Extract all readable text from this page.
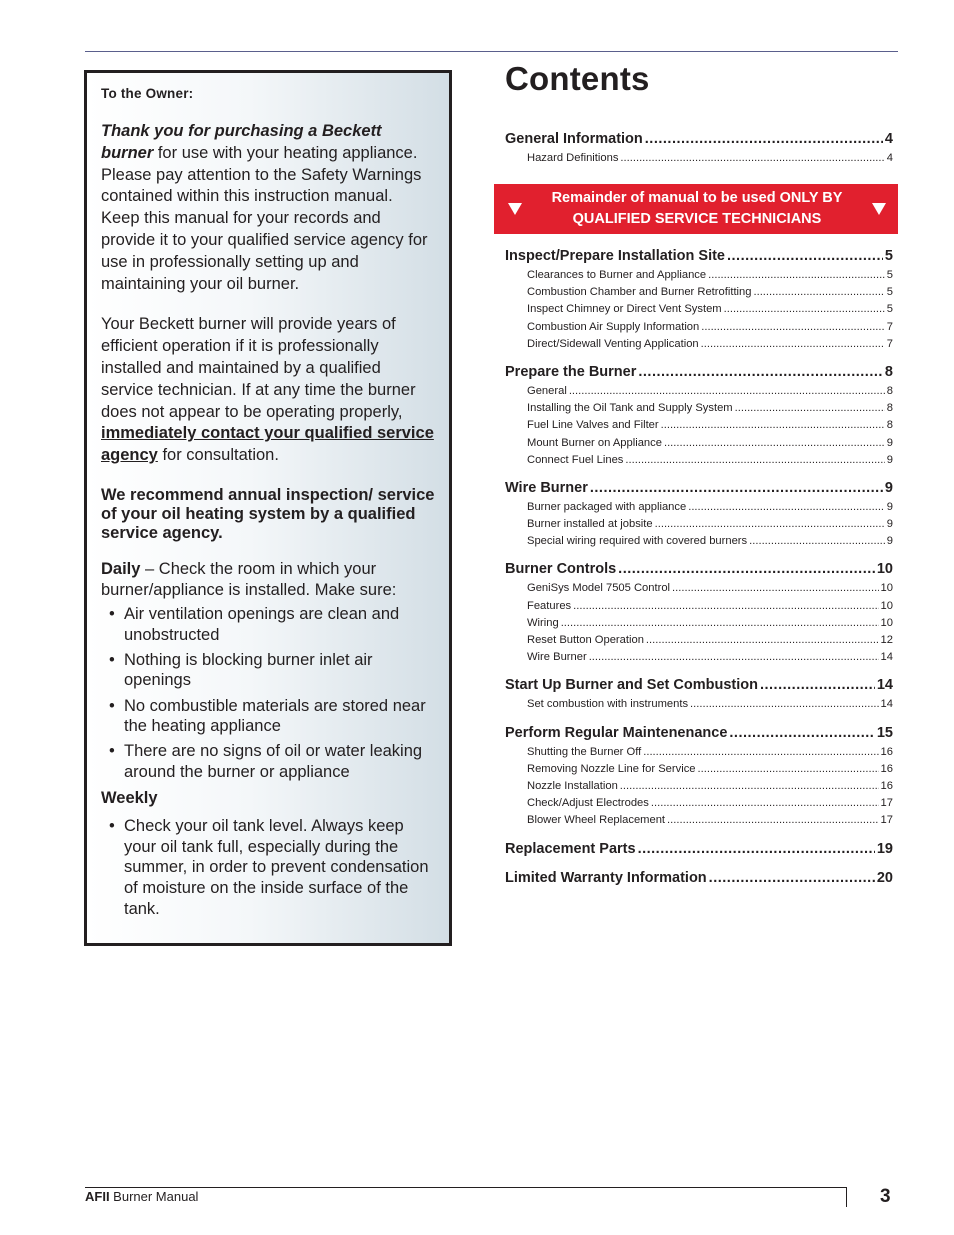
To the Owner:

Thank you for purchasing a Beckett burner for use with your heating appliance. Please pay attention to the Safety Warnings contained within this instruction manual. Keep this manual for your records and provide it to your qualified service agency for use in professionally setting up and maintaining your oil burner.

Your Beckett burner will provide years of efficient operation if it is professionally installed and maintained by a qualified service technician. If at any time the burner does not appear to be operating properly, immediately contact your qualified service agency for consultation.

We recommend annual inspection/ service of your oil heating system by a qualified service agency.

Daily – Check the room in which your burner/appliance is installed. Make sure:

• Air ventilation openings are clean and unobstructed
• Nothing is blocking burner inlet air openings
• No combustible materials are stored near the heating appliance
• There are no signs of oil or water leaking around the burner or appliance
Weekly
• Check your oil tank level. Always keep your oil tank full, especially during the summer, in order to prevent condensation of moisture on the inside surface of the tank.
Contents
General Information .....	4
Hazard Definitions .....	4
Remainder of manual to be used ONLY BY
QUALIFIED SERVICE TECHNICIANS
Inspect/Prepare Installation Site .....	5
Clearances to Burner and Appliance .....	5
Combustion Chamber and Burner Retrofitting .....	5
Inspect Chimney or Direct Vent System .....	5
Combustion Air Supply Information .....	7
Direct/Sidewall Venting Application .....	7
Prepare the Burner .....	8
General .....	8
Installing the Oil Tank and Supply System .....	8
Fuel Line Valves and Filter .....	8
Mount Burner on Appliance .....	9
Connect Fuel Lines .....	9
Wire Burner .....	9
Burner packaged with appliance .....	9
Burner installed at jobsite .....	9
Special wiring required with covered burners .....	9
Burner Controls .....	10
GeniSys Model 7505 Control .....	10
Features .....	10
Wiring .....	10
Reset Button Operation .....	12
Wire Burner .....	14
Start Up Burner and Set Combustion .....	14
Set combustion with instruments .....	14
Perform Regular Maintenenance .....	15
Shutting the Burner Off .....	16
Removing Nozzle Line for Service .....	16
Nozzle Installation .....	16
Check/Adjust Electrodes .....	17
Blower Wheel Replacement .....	17
Replacement Parts .....	19
Limited Warranty Information .....	20
AFII Burner Manual	3
